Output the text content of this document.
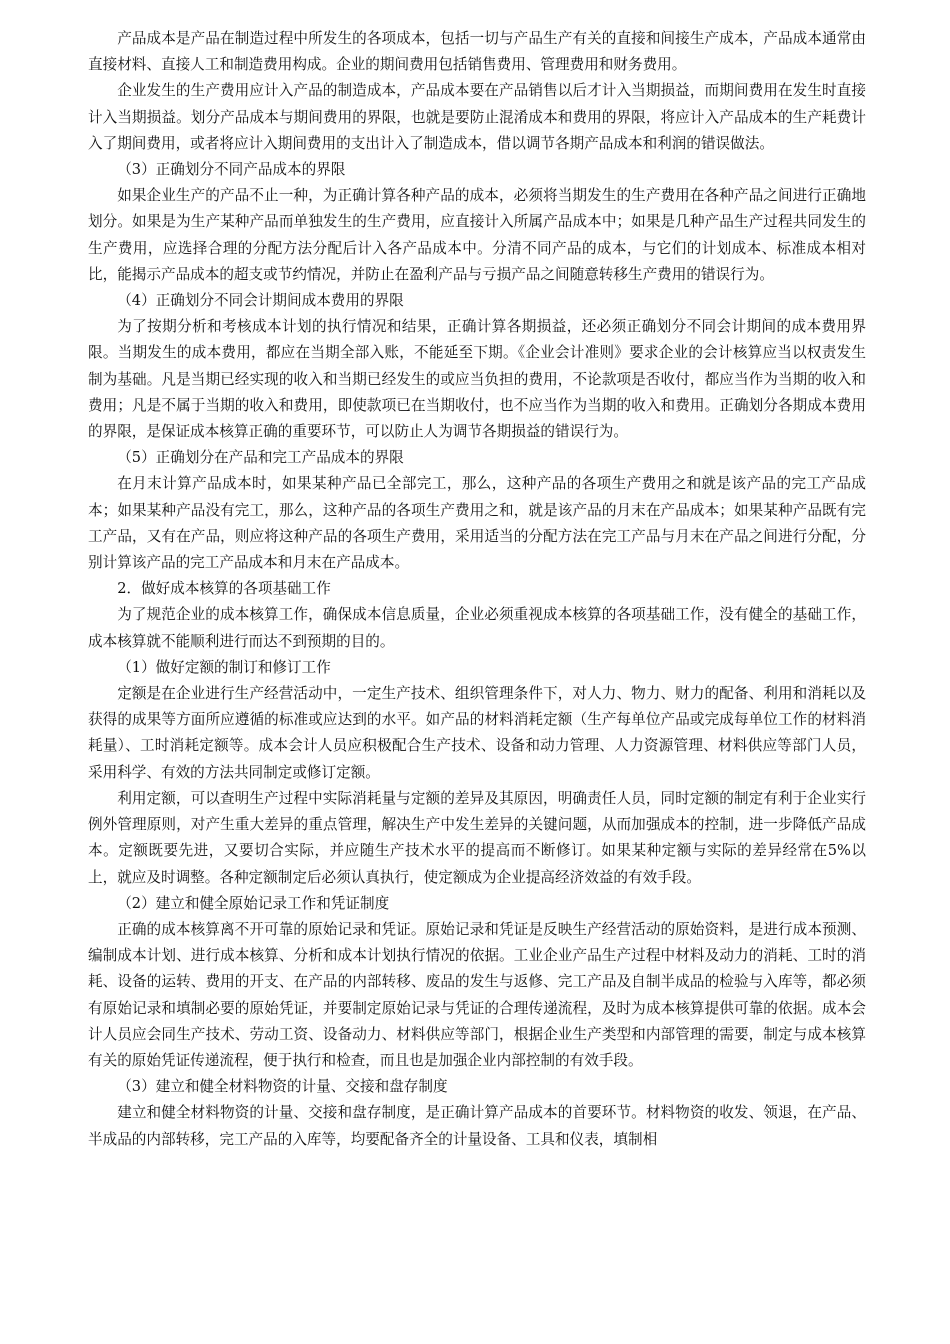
产品成本是产品在制造过程中所发生的各项成本，包括一切与产品生产有关的直接和间接生产成本，产品成本通常由直接材料、直接人工和制造费用构成。企业的期间费用包括销售费用、管理费用和财务费用。

企业发生的生产费用应计入产品的制造成本，产品成本要在产品销售以后才计入当期损益，而期间费用在发生时直接计入当期损益。划分产品成本与期间费用的界限，也就是要防止混淆成本和费用的界限，将应计入产品成本的生产耗费计入了期间费用，或者将应计入期间费用的支出计入了制造成本，借以调节各期产品成本和利润的错误做法。

（3）正确划分不同产品成本的界限

如果企业生产的产品不止一种，为正确计算各种产品的成本，必须将当期发生的生产费用在各种产品之间进行正确地划分。如果是为生产某种产品而单独发生的生产费用，应直接计入所属产品成本中；如果是几种产品生产过程共同发生的生产费用，应选择合理的分配方法分配后计入各产品成本中。分清不同产品的成本，与它们的计划成本、标准成本相对比，能揭示产品成本的超支或节约情况，并防止在盈利产品与亏损产品之间随意转移生产费用的错误行为。

（4）正确划分不同会计期间成本费用的界限

为了按期分析和考核成本计划的执行情况和结果，正确计算各期损益，还必须正确划分不同会计期间的成本费用界限。当期发生的成本费用，都应在当期全部入账，不能延至下期。《企业会计准则》要求企业的会计核算应当以权责发生制为基础。凡是当期已经实现的收入和当期已经发生的或应当负担的费用，不论款项是否收付，都应当作为当期的收入和费用；凡是不属于当期的收入和费用，即使款项已在当期收付，也不应当作为当期的收入和费用。正确划分各期成本费用的界限，是保证成本核算正确的重要环节，可以防止人为调节各期损益的错误行为。

（5）正确划分在产品和完工产品成本的界限

在月末计算产品成本时，如果某种产品已全部完工，那么，这种产品的各项生产费用之和就是该产品的完工产品成本；如果某种产品没有完工，那么，这种产品的各项生产费用之和，就是该产品的月末在产品成本；如果某种产品既有完工产品，又有在产品，则应将这种产品的各项生产费用，采用适当的分配方法在完工产品与月末在产品之间进行分配，分别计算该产品的完工产品成本和月末在产品成本。

2．做好成本核算的各项基础工作

为了规范企业的成本核算工作，确保成本信息质量，企业必须重视成本核算的各项基础工作，没有健全的基础工作，成本核算就不能顺利进行而达不到预期的目的。

（1）做好定额的制订和修订工作

定额是在企业进行生产经营活动中，一定生产技术、组织管理条件下，对人力、物力、财力的配备、利用和消耗以及获得的成果等方面所应遵循的标准或应达到的水平。如产品的材料消耗定额（生产每单位产品或完成每单位工作的材料消耗量）、工时消耗定额等。成本会计人员应积极配合生产技术、设备和动力管理、人力资源管理、材料供应等部门人员，采用科学、有效的方法共同制定或修订定额。

利用定额，可以查明生产过程中实际消耗量与定额的差异及其原因，明确责任人员，同时定额的制定有利于企业实行例外管理原则，对产生重大差异的重点管理，解决生产中发生差异的关键问题，从而加强成本的控制，进一步降低产品成本。定额既要先进，又要切合实际，并应随生产技术水平的提高而不断修订。如果某种定额与实际的差异经常在5%以上，就应及时调整。各种定额制定后必须认真执行，使定额成为企业提高经济效益的有效手段。

（2）建立和健全原始记录工作和凭证制度

正确的成本核算离不开可靠的原始记录和凭证。原始记录和凭证是反映生产经营活动的原始资料，是进行成本预测、编制成本计划、进行成本核算、分析和成本计划执行情况的依据。工业企业产品生产过程中材料及动力的消耗、工时的消耗、设备的运转、费用的开支、在产品的内部转移、废品的发生与返修、完工产品及自制半成品的检验与入库等，都必须有原始记录和填制必要的原始凭证，并要制定原始记录与凭证的合理传递流程，及时为成本核算提供可靠的依据。成本会计人员应会同生产技术、劳动工资、设备动力、材料供应等部门，根据企业生产类型和内部管理的需要，制定与成本核算有关的原始凭证传递流程，便于执行和检查，而且也是加强企业内部控制的有效手段。

（3）建立和健全材料物资的计量、交接和盘存制度

建立和健全材料物资的计量、交接和盘存制度，是正确计算产品成本的首要环节。材料物资的收发、领退，在产品、半成品的内部转移，完工产品的入库等，均要配备齐全的计量设备、工具和仪表，填制相
